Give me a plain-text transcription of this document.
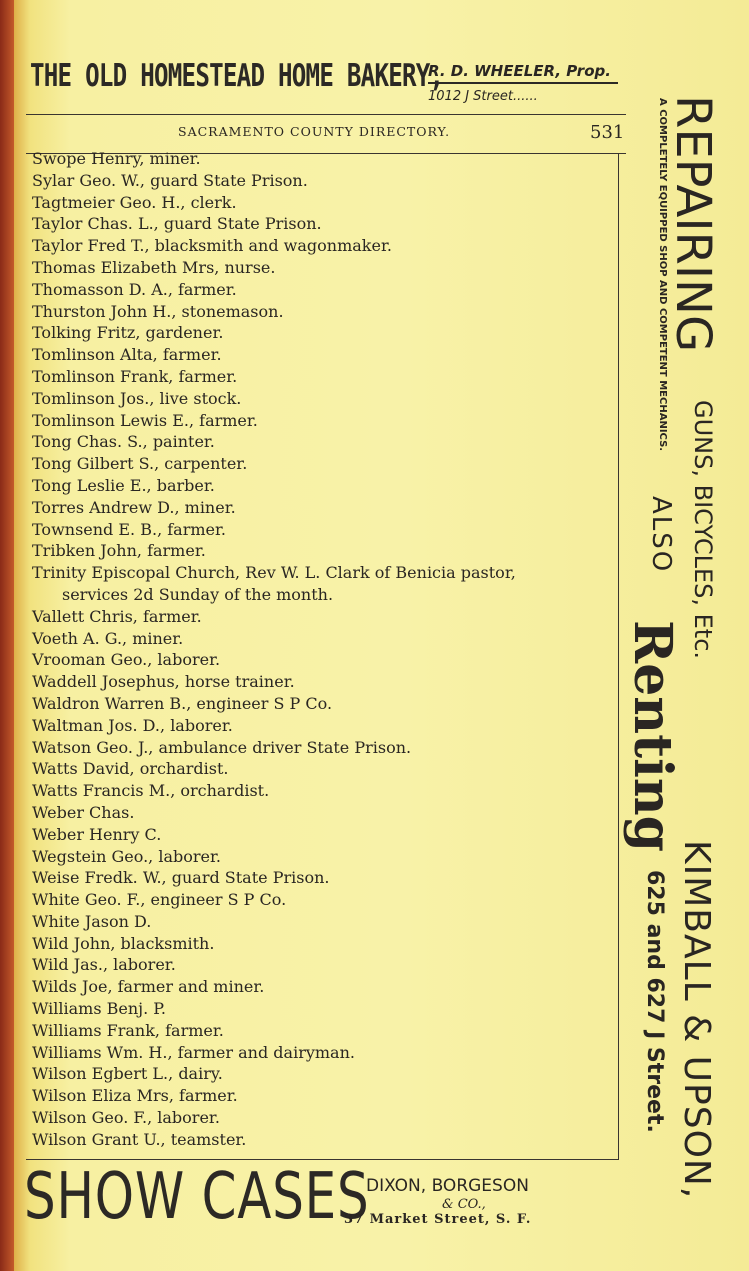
THE OLD HOMESTEAD HOME BAKERY,
R. D. WHEELER, Prop.
1012 J Street......
SACRAMENTO COUNTY DIRECTORY.	531
Swope Henry, miner.
Sylar Geo. W., guard State Prison.
Tagtmeier Geo. H., clerk.
Taylor Chas. L., guard State Prison.
Taylor Fred T., blacksmith and wagonmaker.
Thomas Elizabeth Mrs, nurse.
Thomasson D. A., farmer.
Thurston John H., stonemason.
Tolking Fritz, gardener.
Tomlinson Alta, farmer.
Tomlinson Frank, farmer.
Tomlinson Jos., live stock.
Tomlinson Lewis E., farmer.
Tong Chas. S., painter.
Tong Gilbert S., carpenter.
Tong Leslie E., barber.
Torres Andrew D., miner.
Townsend E. B., farmer.
Tribken John, farmer.
Trinity Episcopal Church, Rev W. L. Clark of Benicia pastor,
services 2d Sunday of the month.
Vallett Chris, farmer.
Voeth A. G., miner.
Vrooman Geo., laborer.
Waddell Josephus, horse trainer.
Waldron Warren B., engineer S P Co.
Waltman Jos. D., laborer.
Watson Geo. J., ambulance driver State Prison.
Watts David, orchardist.
Watts Francis M., orchardist.
Weber Chas.
Weber Henry C.
Wegstein Geo., laborer.
Weise Fredk. W., guard State Prison.
White Geo. F., engineer S P Co.
White Jason D.
Wild John, blacksmith.
Wild Jas., laborer.
Wilds Joe, farmer and miner.
Williams Benj. P.
Williams Frank, farmer.
Williams Wm. H., farmer and dairyman.
Wilson Egbert L., dairy.
Wilson Eliza Mrs, farmer.
Wilson Geo. F., laborer.
Wilson Grant U., teamster.
SHOW CASES
DIXON, BORGESON
& CO.,
37 Market Street, S. F.
REPAIRING
A COMPLETELY EQUIPPED SHOP AND COMPETENT MECHANICS.
GUNS, BICYCLES, Etc.
ALSO
Renting
KIMBALL & UPSON,
625 and 627 J Street.
